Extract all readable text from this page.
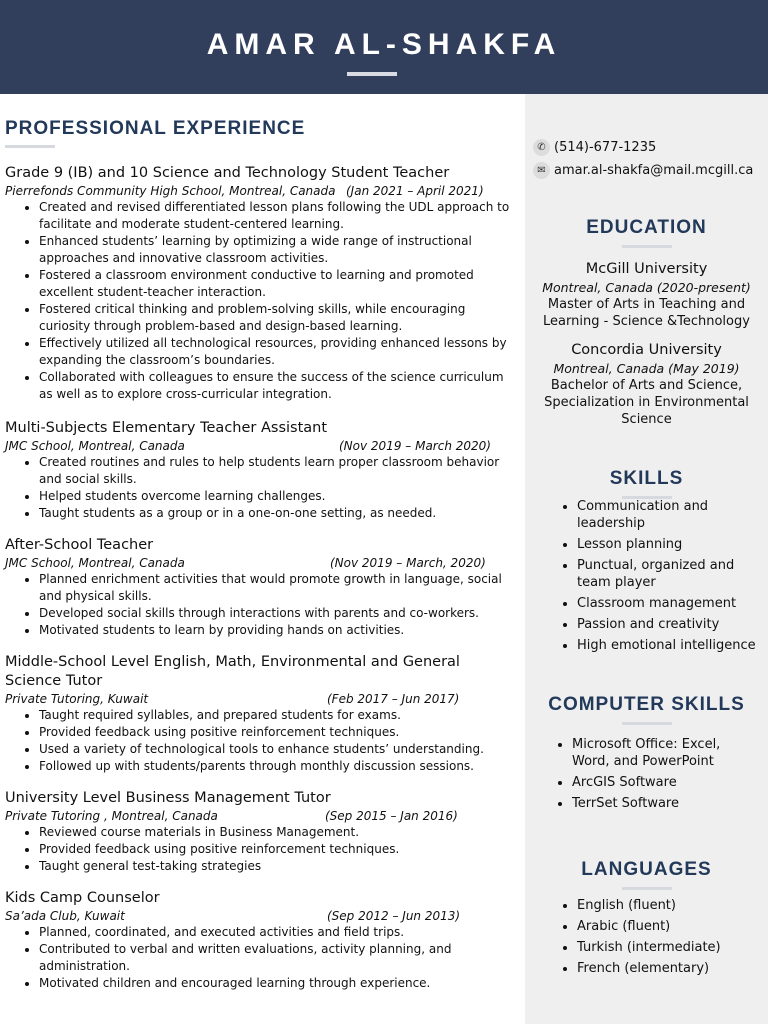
AMAR AL-SHAKFA
PROFESSIONAL EXPERIENCE
Grade 9 (IB) and 10 Science and Technology Student Teacher
Pierrefonds Community High School, Montreal, Canada (Jan 2021 – April 2021)
• Created and revised differentiated lesson plans following the UDL approach to facilitate and moderate student-centered learning.
• Enhanced students’ learning by optimizing a wide range of instructional approaches and innovative classroom activities.
• Fostered a classroom environment conductive to learning and promoted excellent student-teacher interaction.
• Fostered critical thinking and problem-solving skills, while encouraging curiosity through problem-based and design-based learning.
• Effectively utilized all technological resources, providing enhanced lessons by expanding the classroom’s boundaries.
• Collaborated with colleagues to ensure the success of the science curriculum as well as to explore cross-curricular integration.
Multi-Subjects Elementary Teacher Assistant
JMC School, Montreal, Canada	(Nov 2019 – March 2020)
• Created routines and rules to help students learn proper classroom behavior and social skills.
• Helped students overcome learning challenges.
• Taught students as a group or in a one-on-one setting, as needed.
After-School Teacher
JMC School, Montreal, Canada	(Nov 2019 – March, 2020)
• Planned enrichment activities that would promote growth in language, social and physical skills.
• Developed social skills through interactions with parents and co-workers.
• Motivated students to learn by providing hands on activities.
Middle-School Level English, Math, Environmental and General Science Tutor
Private Tutoring, Kuwait	(Feb 2017 – Jun 2017)
• Taught required syllables, and prepared students for exams.
• Provided feedback using positive reinforcement techniques.
• Used a variety of technological tools to enhance students’ understanding.
• Followed up with students/parents through monthly discussion sessions.
University Level Business Management Tutor
Private Tutoring , Montreal, Canada	(Sep 2015 – Jan 2016)
• Reviewed course materials in Business Management.
• Provided feedback using positive reinforcement techniques.
• Taught general test-taking strategies
Kids Camp Counselor
Sa’ada Club, Kuwait	(Sep 2012 – Jun 2013)
• Planned, coordinated, and executed activities and field trips.
• Contributed to verbal and written evaluations, activity planning, and administration.
• Motivated children and encouraged learning through experience.
✆ (514)-677-1235
✉ amar.al-shakfa@mail.mcgill.ca
EDUCATION
McGill University
Montreal, Canada (2020-present)
Master of Arts in Teaching and Learning - Science &Technology
Concordia University
Montreal, Canada (May 2019)
Bachelor of Arts and Science, Specialization in Environmental Science
SKILLS
• Communication and leadership
• Lesson planning
• Punctual, organized and team player
• Classroom management
• Passion and creativity
• High emotional intelligence
COMPUTER SKILLS
• Microsoft Office: Excel, Word, and PowerPoint
• ArcGIS Software
• TerrSet Software
LANGUAGES
• English (fluent)
• Arabic (fluent)
• Turkish (intermediate)
• French (elementary)
